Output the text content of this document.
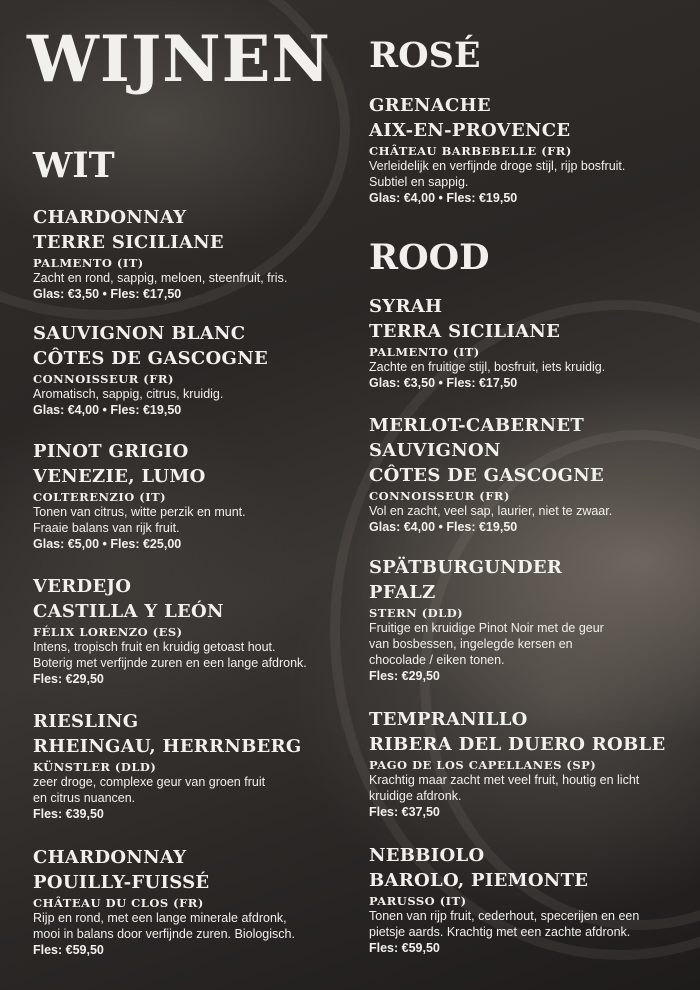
WIJNEN
WIT
CHARDONNAY
TERRE SICILIANE
PALMENTO (IT)
Zacht en rond, sappig, meloen, steenfruit, fris.
Glas: €3,50 • Fles: €17,50
SAUVIGNON BLANC
CÔTES DE GASCOGNE
CONNOISSEUR (FR)
Aromatisch, sappig, citrus, kruidig.
Glas: €4,00 • Fles: €19,50
PINOT GRIGIO
VENEZIE, LUMO
COLTERENZIO (IT)
Tonen van citrus, witte perzik en munt.
Fraaie balans van rijk fruit.
Glas: €5,00 • Fles: €25,00
VERDEJO
CASTILLA Y LEÓN
FÉLIX LORENZO (ES)
Intens, tropisch fruit en kruidig getoast hout.
Boterig met verfijnde zuren en een lange afdronk.
Fles: €29,50
RIESLING
RHEINGAU, HERRNBERG
KÜNSTLER (DLD)
zeer droge, complexe geur van groen fruit
en citrus nuancen.
Fles: €39,50
CHARDONNAY
POUILLY-FUISSÉ
CHÂTEAU DU CLOS (FR)
Rijp en rond, met een lange minerale afdronk,
mooi in balans door verfijnde zuren. Biologisch.
Fles: €59,50
ROSÉ
GRENACHE
AIX-EN-PROVENCE
CHÂTEAU BARBEBELLE (FR)
Verleidelijk en verfijnde droge stijl, rijp bosfruit.
Subtiel en sappig.
Glas: €4,00 • Fles: €19,50
ROOD
SYRAH
TERRA SICILIANE
PALMENTO (IT)
Zachte en fruitige stijl, bosfruit, iets kruidig.
Glas: €3,50 • Fles: €17,50
MERLOT-CABERNET
SAUVIGNON
CÔTES DE GASCOGNE
CONNOISSEUR (FR)
Vol en zacht, veel sap, laurier, niet te zwaar.
Glas: €4,00 • Fles: €19,50
SPÄTBURGUNDER
PFALZ
STERN (DLD)
Fruitige en kruidige Pinot Noir met de geur
van bosbessen, ingelegde kersen en
chocolade / eiken tonen.
Fles: €29,50
TEMPRANILLO
RIBERA DEL DUERO ROBLE
PAGO DE LOS CAPELLANES (SP)
Krachtig maar zacht met veel fruit, houtig en licht
kruidige afdronk.
Fles: €37,50
NEBBIOLO
BAROLO, PIEMONTE
PARUSSO (IT)
Tonen van rijp fruit, cederhout, specerijen en een
pietsje aards. Krachtig met een zachte afdronk.
Fles: €59,50
